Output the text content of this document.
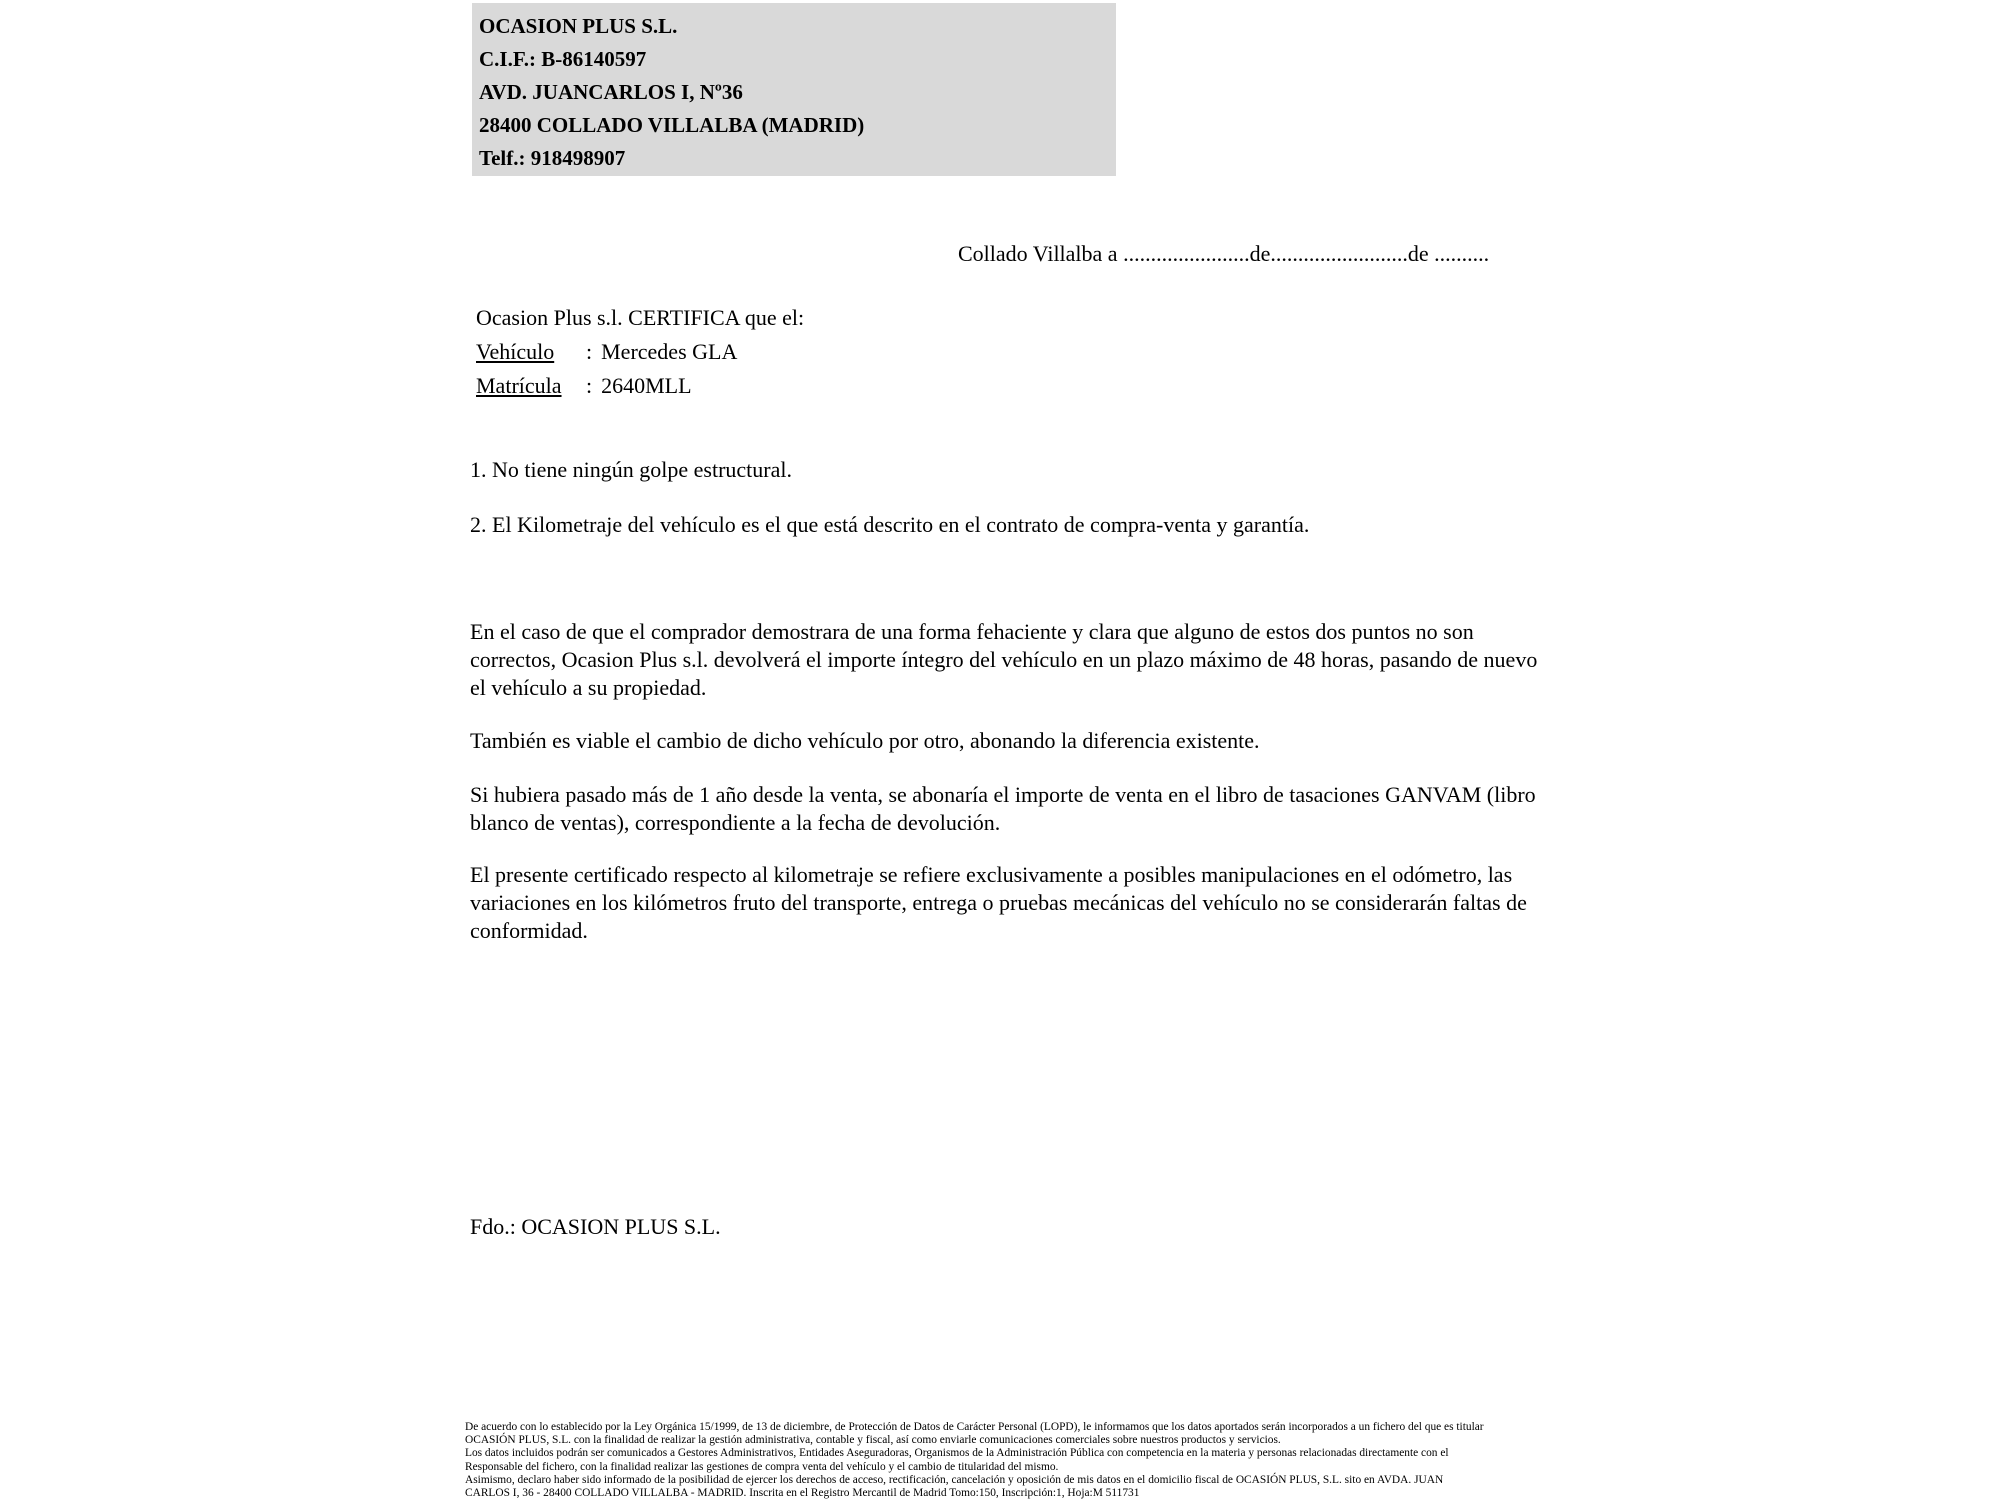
OCASION PLUS S.L.
C.I.F.: B-86140597
AVD. JUANCARLOS I, Nº36
28400 COLLADO VILLALBA (MADRID)
Telf.: 918498907
Collado Villalba a .......................de.........................de ..........
Ocasion Plus s.l. CERTIFICA que el:
Vehículo : Mercedes GLA
Matrícula : 2640MLL
1. No tiene ningún golpe estructural.
2. El Kilometraje del vehículo es el que está descrito en el contrato de compra-venta y garantía.
En el caso de que el comprador demostrara de una forma fehaciente y clara que alguno de estos dos puntos no son correctos, Ocasion Plus s.l. devolverá el importe íntegro del vehículo en un plazo máximo de 48 horas, pasando de nuevo el vehículo a su propiedad.
También es viable el cambio de dicho vehículo por otro, abonando la diferencia existente.
Si hubiera pasado más de 1 año desde la venta, se abonaría el importe de venta en el libro de tasaciones GANVAM (libro blanco de ventas), correspondiente a la fecha de devolución.
El presente certificado respecto al kilometraje se refiere exclusivamente a posibles manipulaciones en el odómetro, las variaciones en los kilómetros fruto del transporte, entrega o pruebas mecánicas del vehículo no se considerarán faltas de conformidad.
Fdo.: OCASION PLUS S.L.
De acuerdo con lo establecido por la Ley Orgánica 15/1999, de 13 de diciembre, de Protección de Datos de Carácter Personal (LOPD), le informamos que los datos aportados serán incorporados a un fichero del que es titular
OCASIÓN PLUS, S.L. con la finalidad de realizar la gestión administrativa, contable y fiscal, así como enviarle comunicaciones comerciales sobre nuestros productos y servicios.
Los datos incluidos podrán ser comunicados a Gestores Administrativos, Entidades Aseguradoras, Organismos de la Administración Pública con competencia en la materia y personas relacionadas directamente con el
Responsable del fichero, con la finalidad realizar las gestiones de compra venta del vehículo y el cambio de titularidad del mismo.
Asimismo, declaro haber sido informado de la posibilidad de ejercer los derechos de acceso, rectificación, cancelación y oposición de mis datos en el domicilio fiscal de OCASIÓN PLUS, S.L. sito en AVDA. JUAN
CARLOS I, 36 - 28400 COLLADO VILLALBA - MADRID. Inscrita en el Registro Mercantil de Madrid Tomo:150, Inscripción:1, Hoja:M 511731
